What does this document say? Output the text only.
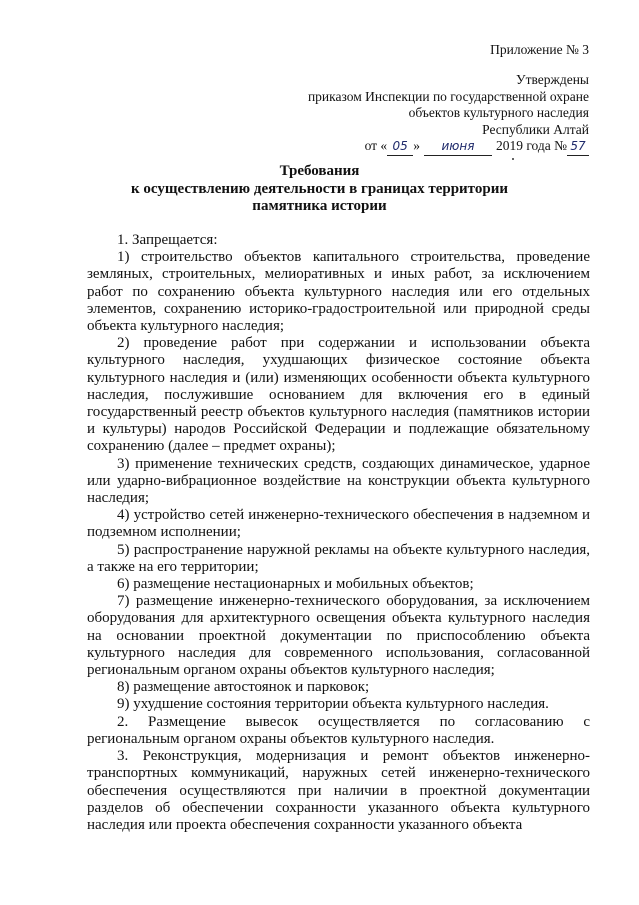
Приложение № 3
Утверждены
приказом Инспекции по государственной охране
объектов культурного наследия
Республики Алтай
от « 05 » июня 2019 года № 57
Требования
к осуществлению деятельности в границах территории
памятника истории

1. Запрещается:

1) строительство объектов капитального строительства, проведение земляных, строительных, мелиоративных и иных работ, за исключением работ по сохранению объекта культурного наследия или его отдельных элементов, сохранению историко-градостроительной или природной среды объекта культурного наследия;

2) проведение работ при содержании и использовании объекта культурного наследия, ухудшающих физическое состояние объекта культурного наследия и (или) изменяющих особенности объекта культурного наследия, послужившие основанием для включения его в единый государственный реестр объектов культурного наследия (памятников истории и культуры) народов Российской Федерации и подлежащие обязательному сохранению (далее – предмет охраны);

3) применение технических средств, создающих динамическое, ударное или ударно-вибрационное воздействие на конструкции объекта культурного наследия;

4) устройство сетей инженерно-технического обеспечения в надземном и подземном исполнении;

5) распространение наружной рекламы на объекте культурного наследия, а также на его территории;

6) размещение нестационарных и мобильных объектов;

7) размещение инженерно-технического оборудования, за исключением оборудования для архитектурного освещения объекта культурного наследия на основании проектной документации по приспособлению объекта культурного наследия для современного использования, согласованной региональным органом охраны объектов культурного наследия;

8) размещение автостоянок и парковок;

9) ухудшение состояния территории объекта культурного наследия.

2. Размещение вывесок осуществляется по согласованию с региональным органом охраны объектов культурного наследия.

3. Реконструкция, модернизация и ремонт объектов инженерно-транспортных коммуникаций, наружных сетей инженерно-технического обеспечения осуществляются при наличии в проектной документации разделов об обеспечении сохранности указанного объекта культурного наследия или проекта обеспечения сохранности указанного объекта
